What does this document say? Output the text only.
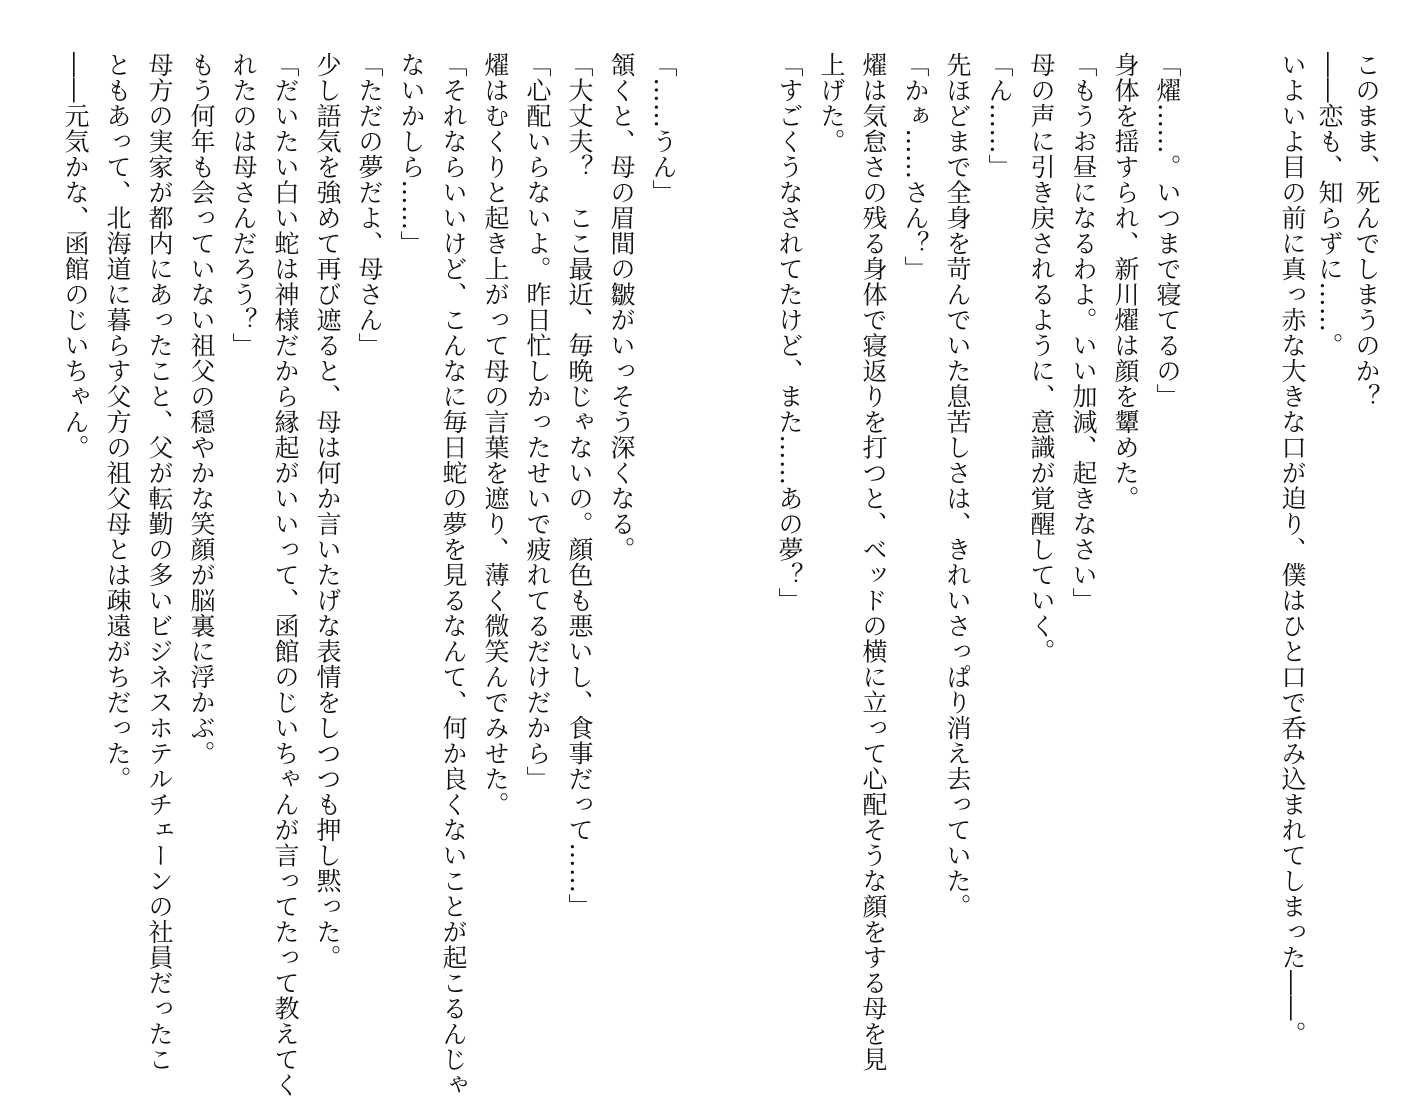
このまま、死んでしまうのか？
――恋も、知らずに……。
いよいよ目の前に真っ赤な大きな口が迫り、僕はひと口で呑み込まれてしまった――。
「燿……。いつまで寝てるの」
身体を揺すられ、新川燿は顔を顰めた。
「もうお昼になるわよ。いい加減、起きなさい」
母の声に引き戻されるように、意識が覚醒していく。
「ん……」
先ほどまで全身を苛んでいた息苦しさは、きれいさっぱり消え去っていた。
「かぁ……さん？」
燿は気怠さの残る身体で寝返りを打つと、ベッドの横に立って心配そうな顔をする母を見
上げた。
「すごくうなされてたけど、また……あの夢？」
「……うん」
頷くと、母の眉間の皺がいっそう深くなる。
「大丈夫？　ここ最近、毎晩じゃないの。顔色も悪いし、食事だって……」
「心配いらないよ。昨日忙しかったせいで疲れてるだけだから」
燿はむくりと起き上がって母の言葉を遮り、薄く微笑んでみせた。
「それならいいけど、こんなに毎日蛇の夢を見るなんて、何か良くないことが起こるんじゃ
ないかしら……」
「ただの夢だよ、母さん」
少し語気を強めて再び遮ると、母は何か言いたげな表情をしつつも押し黙った。
「だいたい白い蛇は神様だから縁起がいいって、函館のじいちゃんが言ってたって教えてく
れたのは母さんだろう？」
もう何年も会っていない祖父の穏やかな笑顔が脳裏に浮かぶ。
母方の実家が都内にあったこと、父が転勤の多いビジネスホテルチェーンの社員だったこ
ともあって、北海道に暮らす父方の祖父母とは疎遠がちだった。
――元気かな、函館のじいちゃん。
